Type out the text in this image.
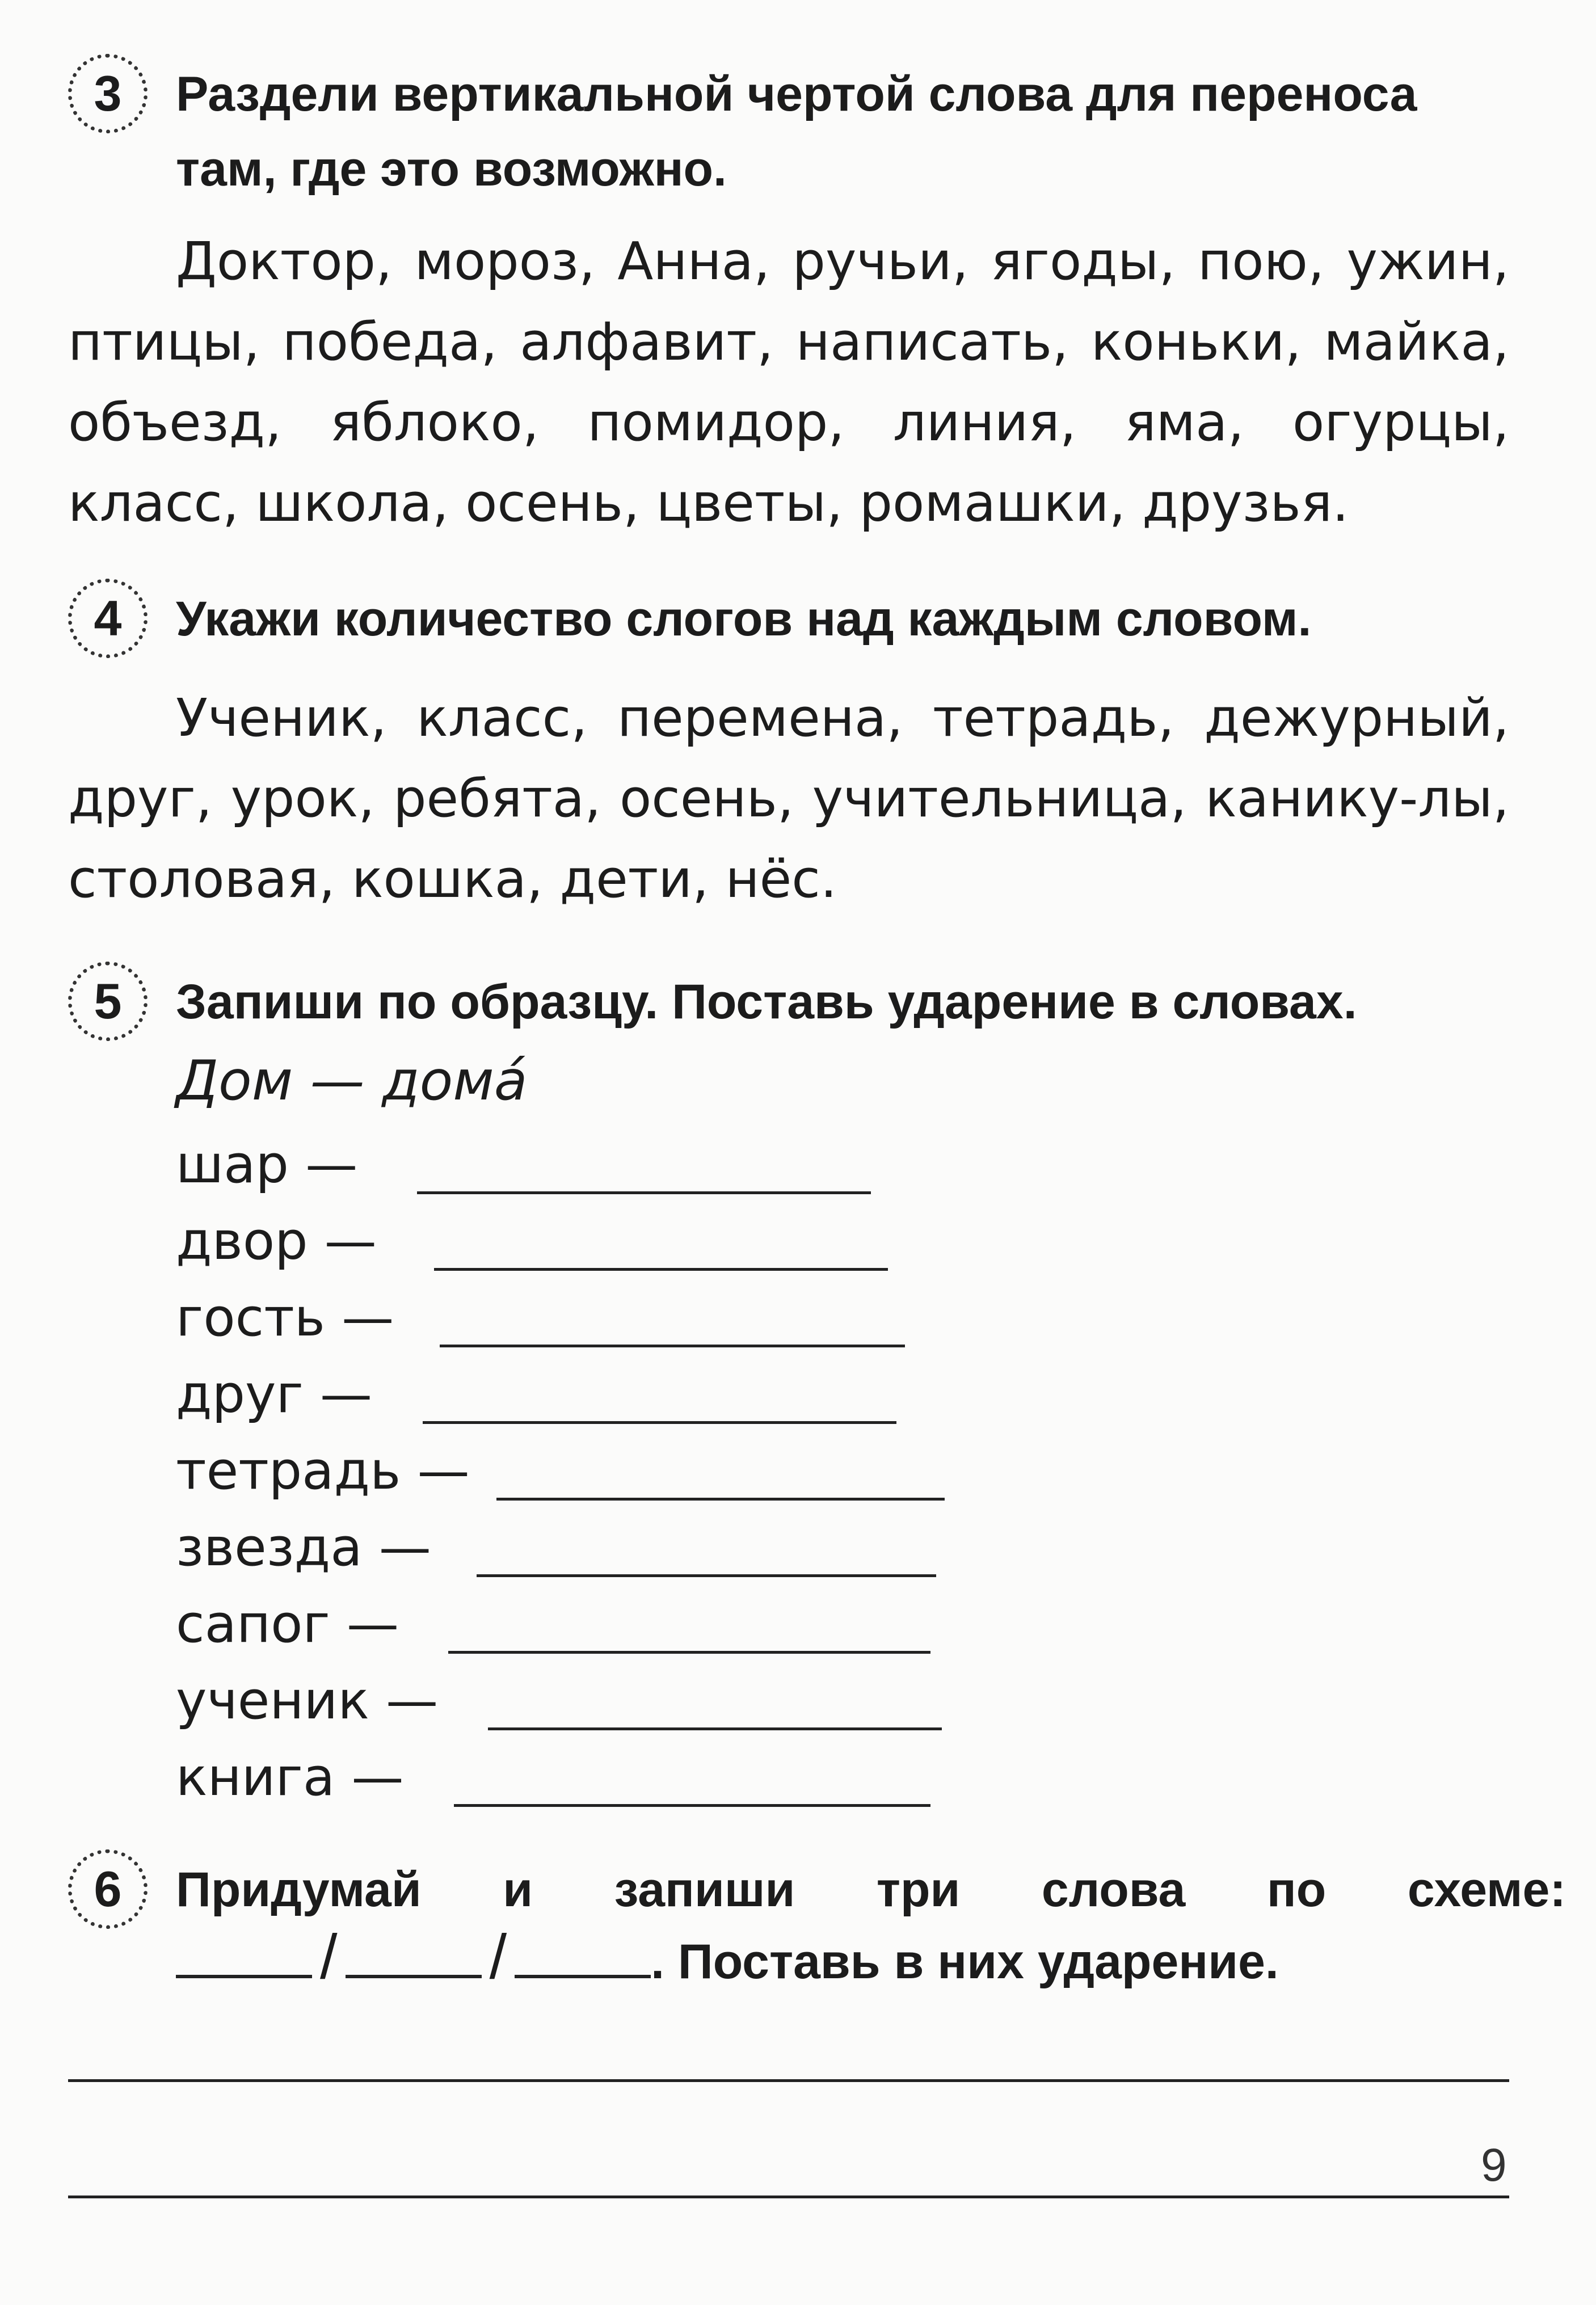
3	Раздели вертикальной чертой слова для переноса
там, где это возможно.
Доктор, мороз, Анна, ручьи, ягоды, пою, ужин, птицы, победа, алфавит, написать, коньки, майка, объезд, яблоко, помидор, линия, яма, огурцы, класс, школа, осень, цветы, ромашки, друзья.
4	Укажи количество слогов над каждым словом.
Ученик, класс, перемена, тетрадь, дежурный, друг, урок, ребята, осень, учительница, канику-лы, столовая, кошка, дети, нёс.
5	Запиши по образцу. Поставь ударение в словах.
Дом — домá
шар —
двор —
гость —
друг —
тетрадь —
звезда —
сапог —
ученик —
книга —
6	Придумай и запиши три слова по схеме:
/ /	. Поставь в них ударение.
9
